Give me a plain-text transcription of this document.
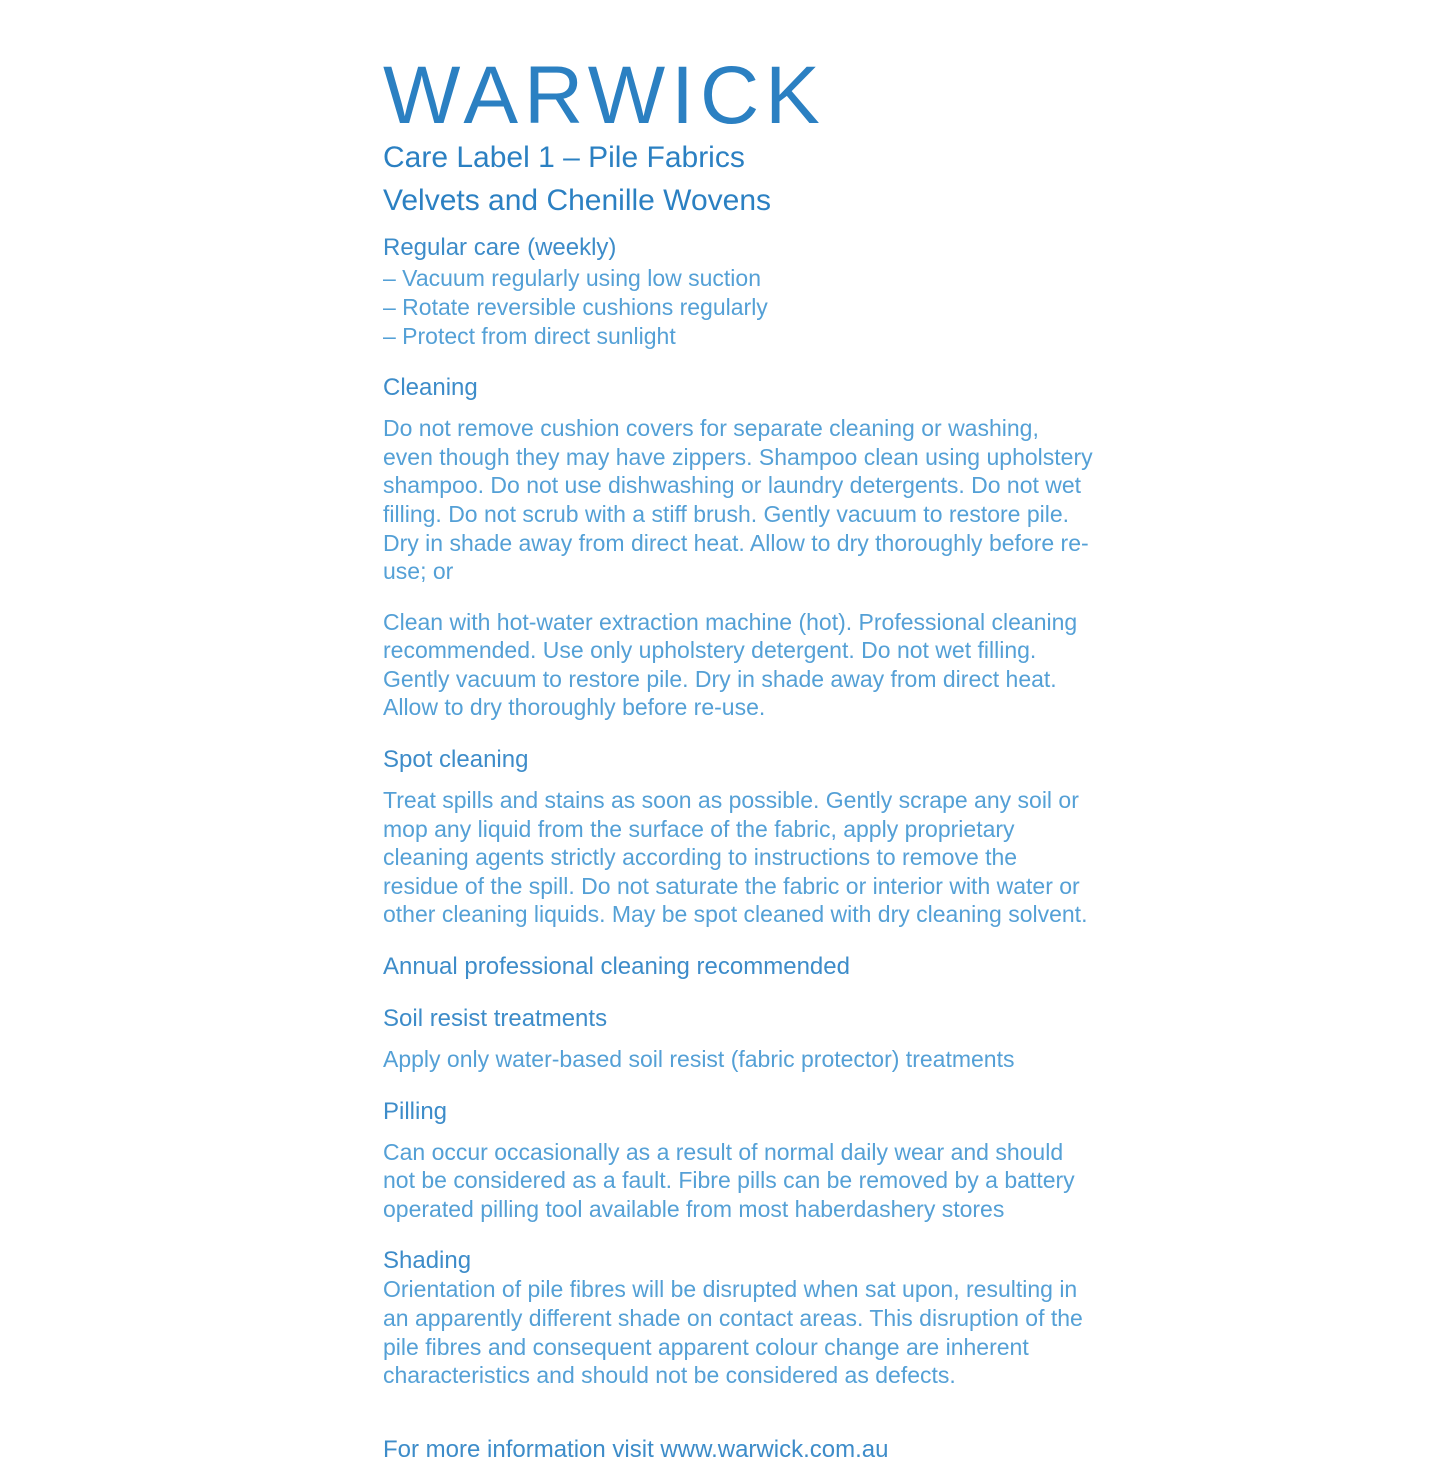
WARWICK
Care Label 1 – Pile Fabrics
Velvets and Chenille Wovens
Regular care (weekly)
– Vacuum regularly using low suction
– Rotate reversible cushions regularly
– Protect from direct sunlight
Cleaning

Do not remove cushion covers for separate cleaning or washing, even though they may have zippers. Shampoo clean using upholstery shampoo. Do not use dishwashing or laundry detergents. Do not wet filling. Do not scrub with a stiff brush. Gently vacuum to restore pile. Dry in shade away from direct heat. Allow to dry thoroughly before re-use; or

Clean with hot-water extraction machine (hot). Professional cleaning recommended. Use only upholstery detergent. Do not wet filling. Gently vacuum to restore pile. Dry in shade away from direct heat. Allow to dry thoroughly before re-use.

Spot cleaning

Treat spills and stains as soon as possible. Gently scrape any soil or mop any liquid from the surface of the fabric, apply proprietary cleaning agents strictly according to instructions to remove the residue of the spill. Do not saturate the fabric or interior with water or other cleaning liquids. May be spot cleaned with dry cleaning solvent.

Annual professional cleaning recommended
Soil resist treatments

Apply only water-based soil resist (fabric protector) treatments

Pilling

Can occur occasionally as a result of normal daily wear and should not be considered as a fault. Fibre pills can be removed by a battery operated pilling tool available from most haberdashery stores

Shading

Orientation of pile fibres will be disrupted when sat upon, resulting in an apparently different shade on contact areas. This disruption of the pile fibres and consequent apparent colour change are inherent characteristics and should not be considered as defects.

For more information visit www.warwick.com.au
